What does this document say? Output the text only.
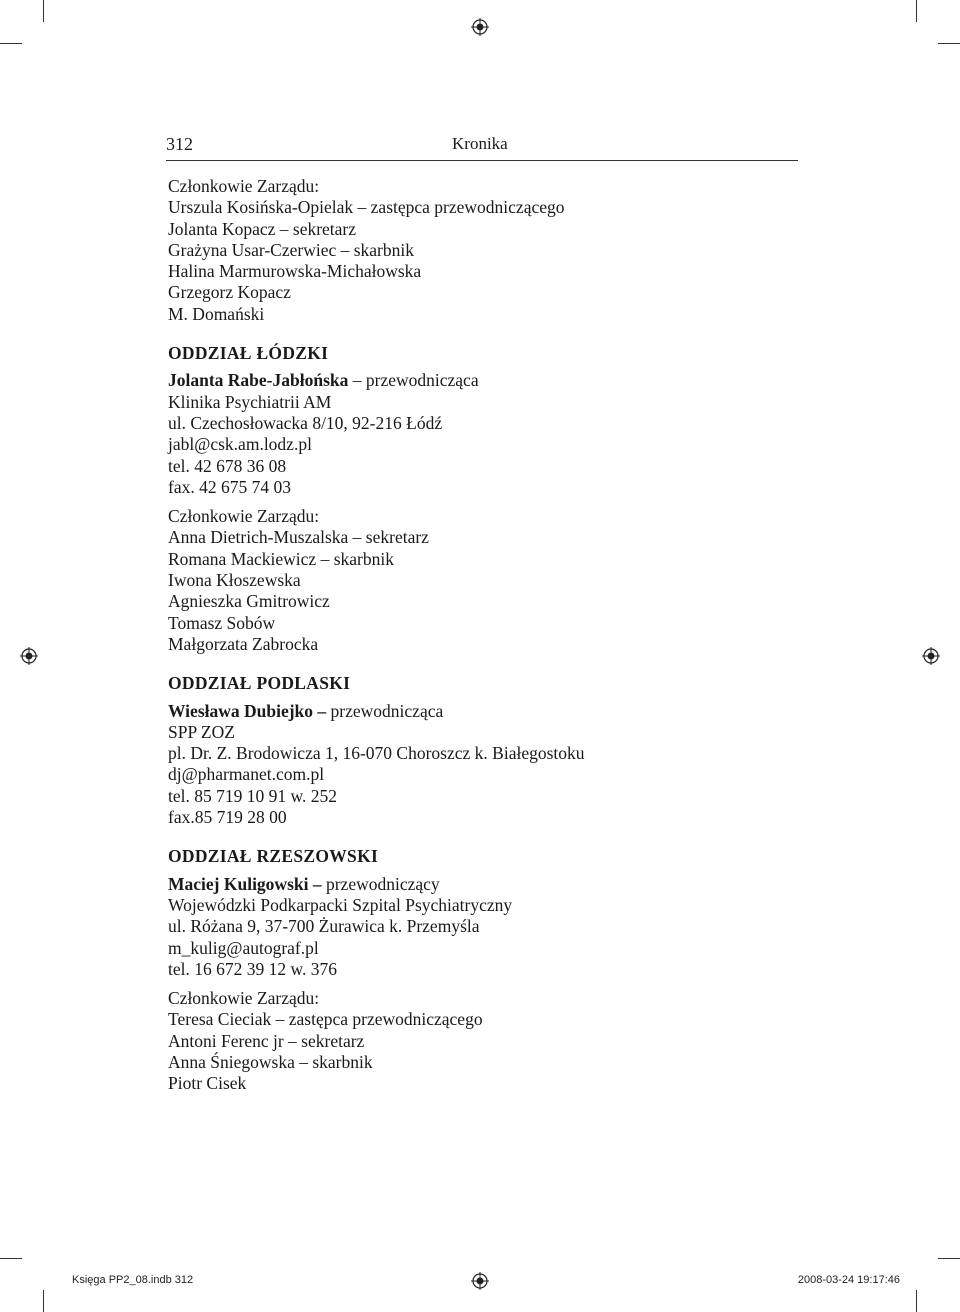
312	Kronika
Członkowie Zarządu:
Urszula Kosińska-Opielak – zastępca przewodniczącego
Jolanta Kopacz – sekretarz
Grażyna Usar-Czerwiec – skarbnik
Halina Marmurowska-Michałowska
Grzegorz Kopacz
M. Domański
ODDZIAŁ ŁÓDZKI
Jolanta Rabe-Jabłońska – przewodnicząca
Klinika Psychiatrii AM
ul. Czechosłowacka 8/10, 92-216 Łódź
jabl@csk.am.lodz.pl
tel. 42 678 36 08
fax. 42 675 74 03
Członkowie Zarządu:
Anna Dietrich-Muszalska – sekretarz
Romana Mackiewicz – skarbnik
Iwona Kłoszewska
Agnieszka Gmitrowicz
Tomasz Sobów
Małgorzata Zabrocka
ODDZIAŁ PODLASKI
Wiesława Dubiejko – przewodnicząca
SPP ZOZ
pl. Dr. Z. Brodowicza 1, 16-070 Choroszcz k. Białegostoku
dj@pharmanet.com.pl
tel. 85 719 10 91 w. 252
fax.85 719 28 00
ODDZIAŁ RZESZOWSKI
Maciej Kuligowski – przewodniczący
Wojewódzki Podkarpacki Szpital Psychiatryczny
ul. Różana 9, 37-700 Żurawica k. Przemyśla
m_kulig@autograf.pl
tel. 16 672 39 12 w. 376
Członkowie Zarządu:
Teresa Cieciak – zastępca przewodniczącego
Antoni Ferenc jr – sekretarz
Anna Śniegowska – skarbnik
Piotr Cisek
Księga PP2_08.indb 312	2008-03-24 19:17:46
